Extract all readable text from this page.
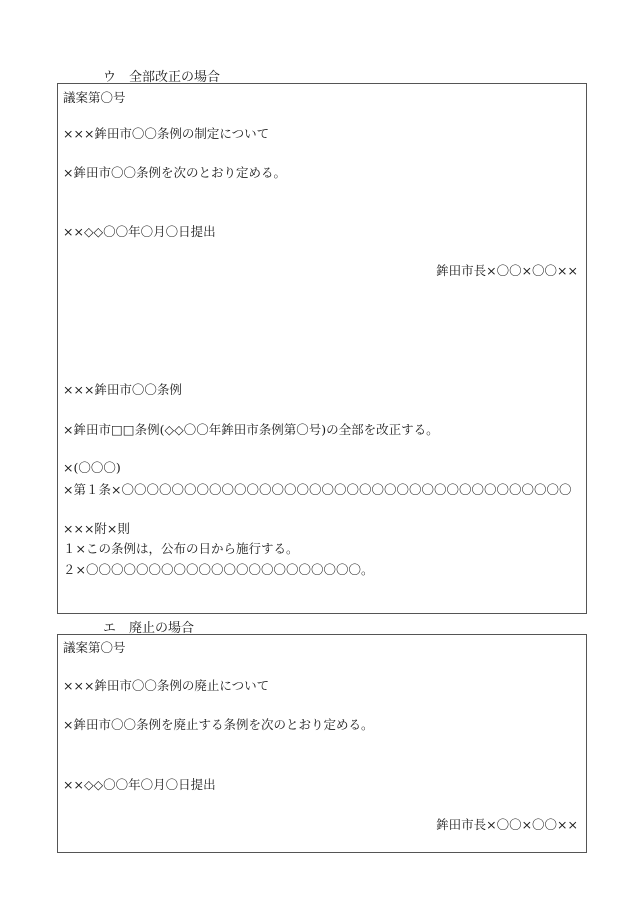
ウ　全部改正の場合
議案第〇号
×××鉾田市〇〇条例の制定について
×鉾田市〇〇条例を次のとおり定める。
××◇◇〇〇年〇月〇日提出
鉾田市長×〇〇×〇〇××
×××鉾田市〇〇条例
×鉾田市□□条例(◇◇〇〇年鉾田市条例第〇号)の全部を改正する。
×(〇〇〇)
×第１条×〇〇〇〇〇〇〇〇〇〇〇〇〇〇〇〇〇〇〇〇〇〇〇〇〇〇〇〇〇〇〇〇〇〇〇〇
×××附×則
１×この条例は，公布の日から施行する。
２×〇〇〇〇〇〇〇〇〇〇〇〇〇〇〇〇〇〇〇〇〇〇。
エ　廃止の場合
議案第〇号
×××鉾田市〇〇条例の廃止について
×鉾田市〇〇条例を廃止する条例を次のとおり定める。
××◇◇〇〇年〇月〇日提出
鉾田市長×〇〇×〇〇××
